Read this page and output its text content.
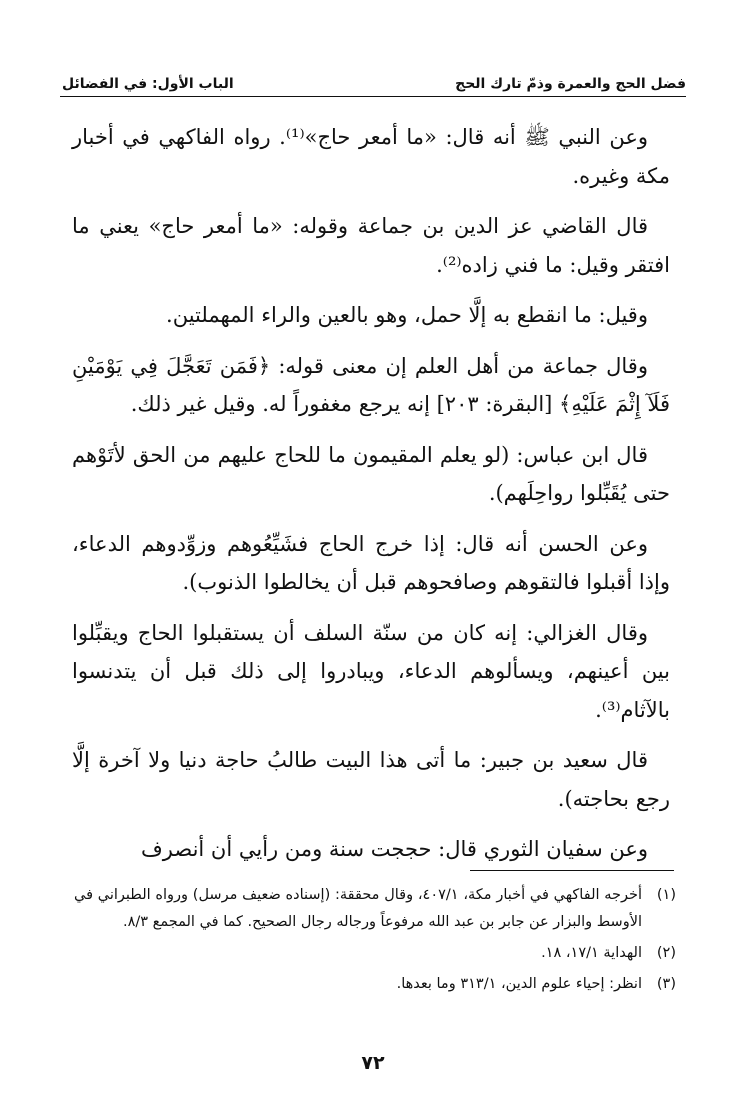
فضل الحج والعمرة وذمّ تارك الحج
الباب الأول: في الفضائل

وعن النبي ﷺ أنه قال: «ما أمعر حاج»⁽¹⁾. رواه الفاكهي في أخبار مكة وغيره.

قال القاضي عز الدين بن جماعة وقوله: «ما أمعر حاج» يعني ما افتقر وقيل: ما فني زاده⁽²⁾.

وقيل: ما انقطع به إلَّا حمل، وهو بالعين والراء المهملتين.

وقال جماعة من أهل العلم إن معنى قوله: ﴿فَمَن تَعَجَّلَ فِي يَوْمَيْنِ فَلَآ إِثْمَ عَلَيْهِ﴾ [البقرة: ٢٠٣] إنه يرجع مغفوراً له. وقيل غير ذلك.

قال ابن عباس: (لو يعلم المقيمون ما للحاج عليهم من الحق لأتَوْهم حتى يُقَبِّلوا رواحِلَهم).

وعن الحسن أنه قال: إذا خرج الحاج فشَيِّعُوهم وزوِّدوهم الدعاء، وإذا أقبلوا فالتقوهم وصافحوهم قبل أن يخالطوا الذنوب).

وقال الغزالي: إنه كان من سنّة السلف أن يستقبلوا الحاج ويقبِّلوا بين أعينهم، ويسألوهم الدعاء، ويبادروا إلى ذلك قبل أن يتدنسوا بالآثام⁽³⁾.

قال سعيد بن جبير: ما أتى هذا البيت طالبُ حاجة دنيا ولا آخرة إلَّا رجع بحاجته).

وعن سفيان الثوري قال: حججت سنة ومن رأيي أن أنصرف

(١)
أخرجه الفاكهي في أخبار مكة، ٤٠٧/١، وقال محققة: (إسناده ضعيف مرسل) ورواه الطبراني في الأوسط والبزار عن جابر بن عبد الله مرفوعاً ورجاله رجال الصحيح. كما في المجمع ٨/٣.
(٢)
الهداية ١٧/١، ١٨.
(٣)
انظر: إحياء علوم الدين، ٣١٣/١ وما بعدها.
٧٢
